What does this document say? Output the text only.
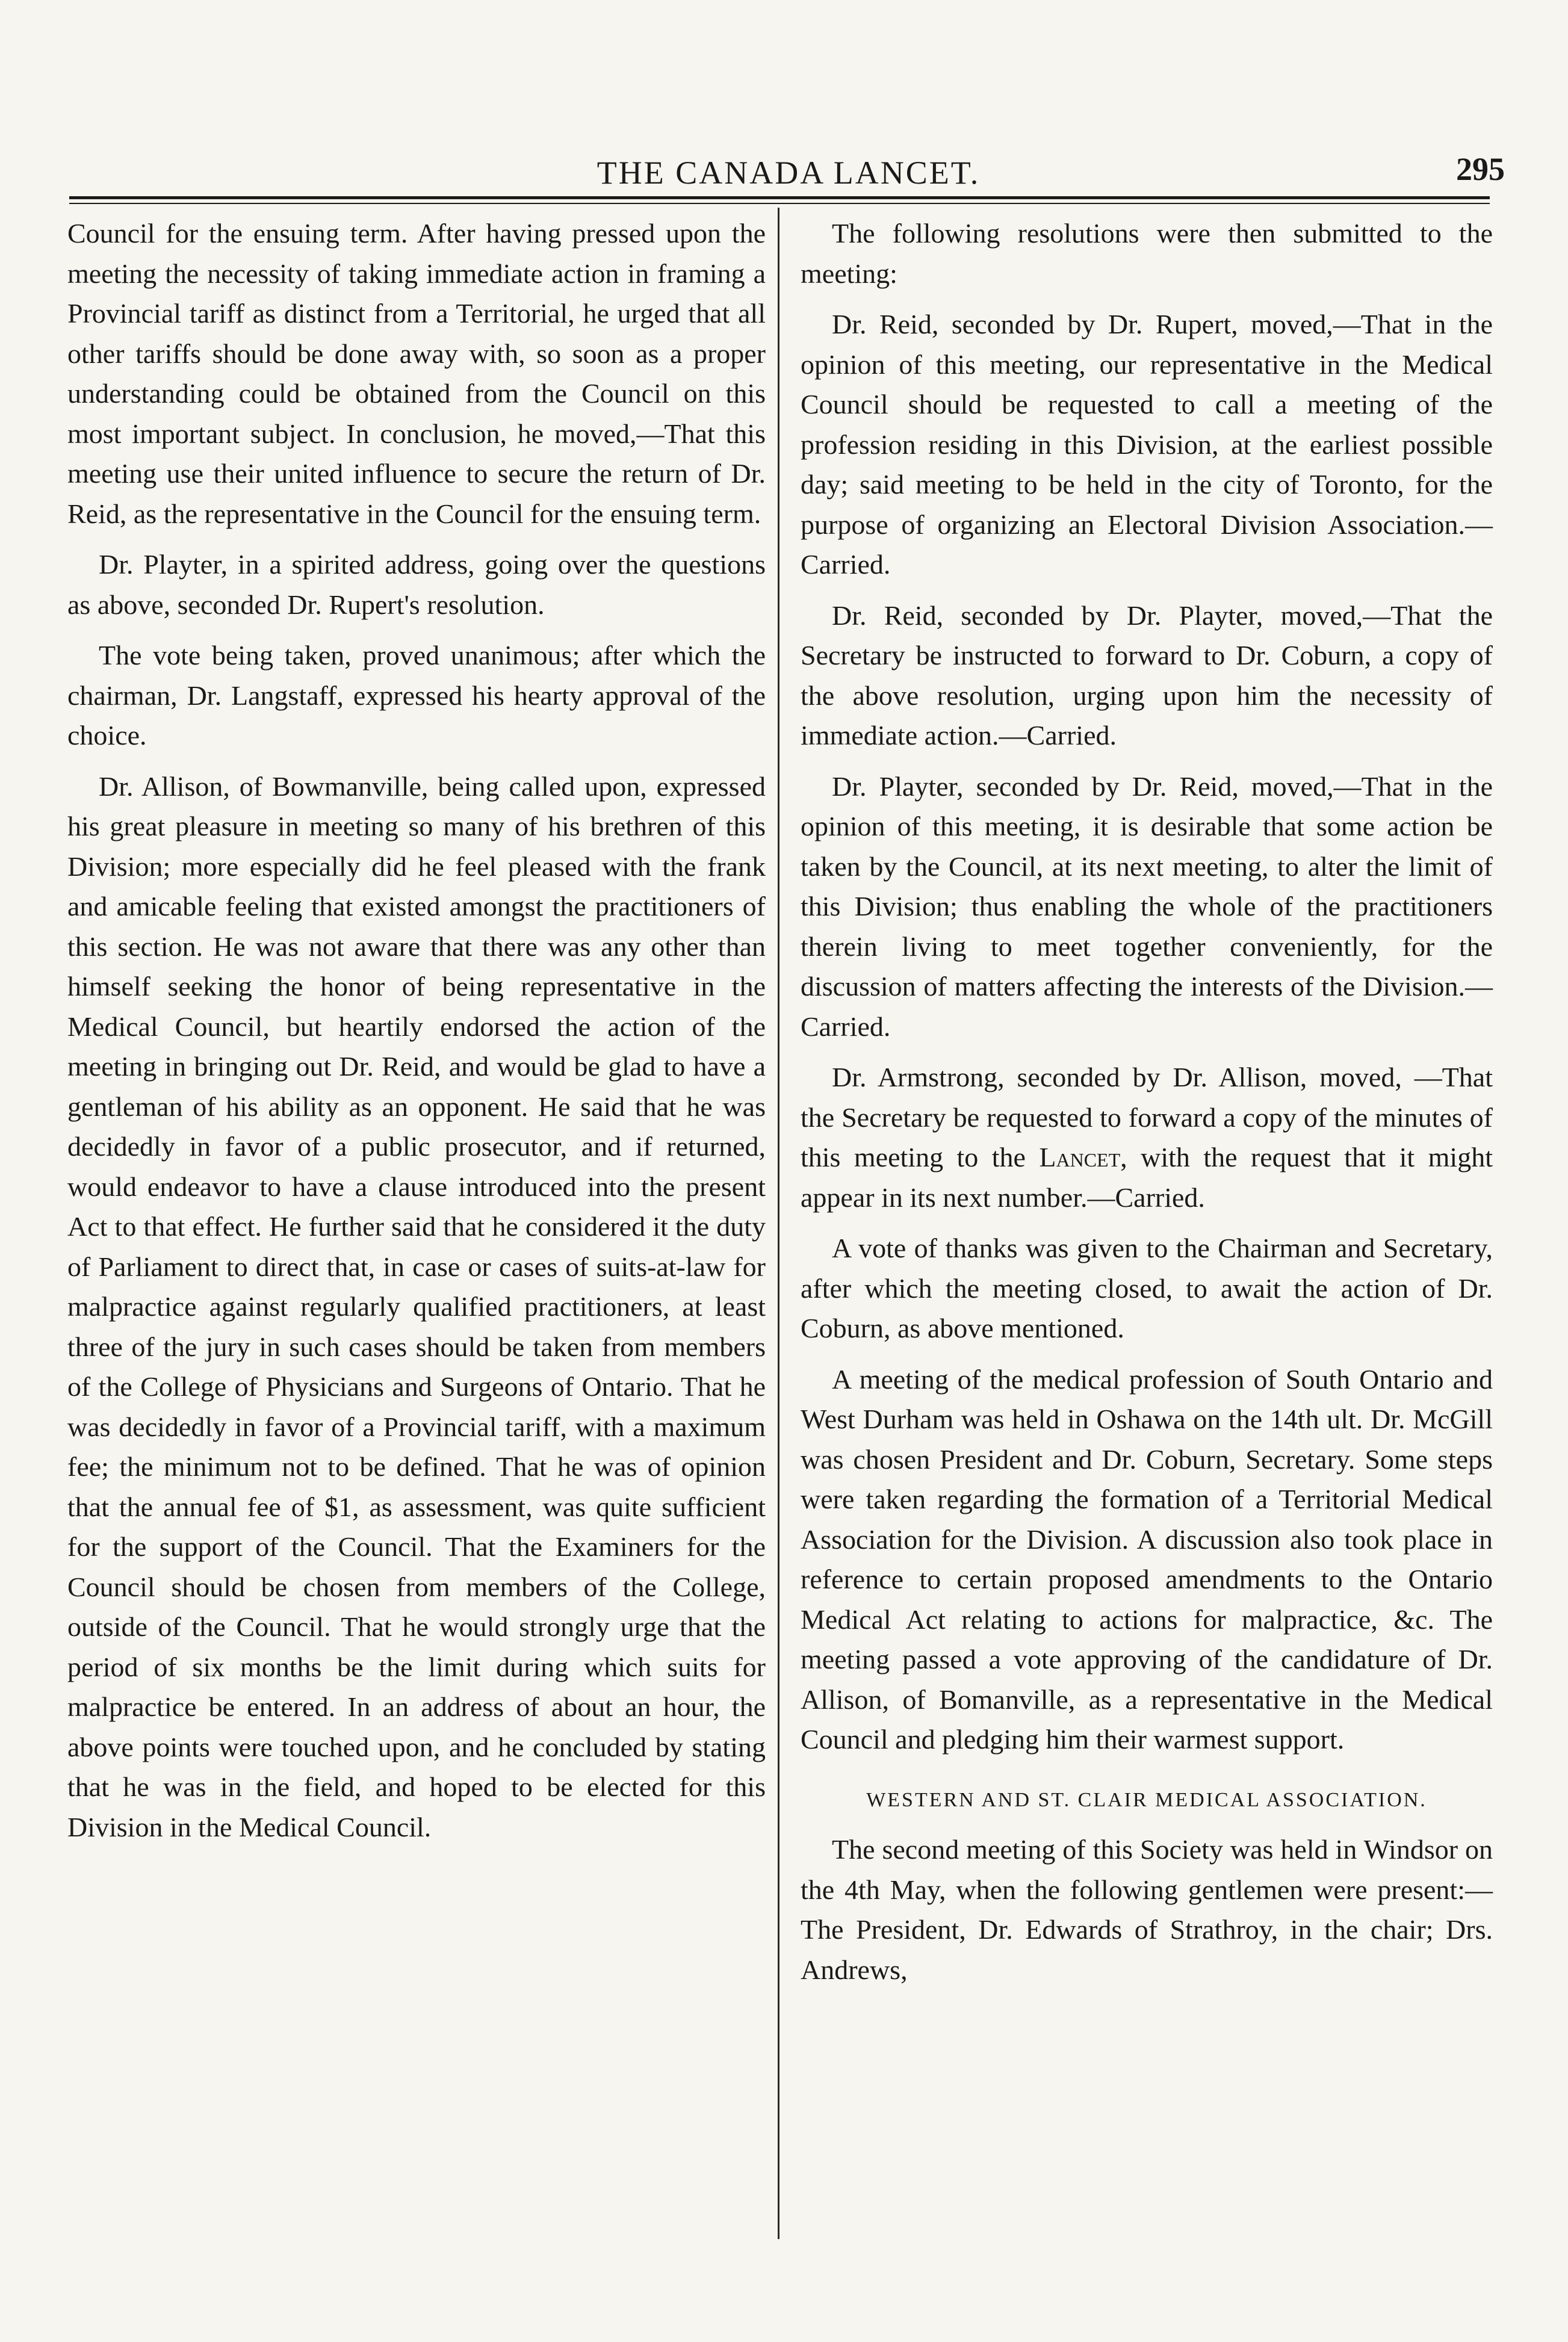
THE CANADA LANCET.	295

Council for the ensuing term. After having pressed upon the meeting the necessity of taking immediate action in framing a Provincial tariff as distinct from a Territorial, he urged that all other tariffs should be done away with, so soon as a proper understanding could be obtained from the Council on this most important subject. In conclusion, he moved,—That this meeting use their united influence to secure the return of Dr. Reid, as the representative in the Council for the ensuing term.

Dr. Playter, in a spirited address, going over the questions as above, seconded Dr. Rupert's resolution.

The vote being taken, proved unanimous; after which the chairman, Dr. Langstaff, expressed his hearty approval of the choice.

Dr. Allison, of Bowmanville, being called upon, expressed his great pleasure in meeting so many of his brethren of this Division; more especially did he feel pleased with the frank and amicable feeling that existed amongst the practitioners of this section. He was not aware that there was any other than himself seeking the honor of being representative in the Medical Council, but heartily endorsed the action of the meeting in bringing out Dr. Reid, and would be glad to have a gentleman of his ability as an opponent. He said that he was decidedly in favor of a public prosecutor, and if returned, would endeavor to have a clause introduced into the present Act to that effect. He further said that he considered it the duty of Parliament to direct that, in case or cases of suits-at-law for malpractice against regularly qualified practitioners, at least three of the jury in such cases should be taken from members of the College of Physicians and Surgeons of Ontario. That he was decidedly in favor of a Provincial tariff, with a maximum fee; the minimum not to be defined. That he was of opinion that the annual fee of $1, as assessment, was quite sufficient for the support of the Council. That the Examiners for the Council should be chosen from members of the College, outside of the Council. That he would strongly urge that the period of six months be the limit during which suits for malpractice be entered. In an address of about an hour, the above points were touched upon, and he concluded by stating that he was in the field, and hoped to be elected for this Division in the Medical Council.

The following resolutions were then submitted to the meeting:

Dr. Reid, seconded by Dr. Rupert, moved,—That in the opinion of this meeting, our representative in the Medical Council should be requested to call a meeting of the profession residing in this Division, at the earliest possible day; said meeting to be held in the city of Toronto, for the purpose of organizing an Electoral Division Association.—Carried.

Dr. Reid, seconded by Dr. Playter, moved,—That the Secretary be instructed to forward to Dr. Coburn, a copy of the above resolution, urging upon him the necessity of immediate action.—Carried.

Dr. Playter, seconded by Dr. Reid, moved,—That in the opinion of this meeting, it is desirable that some action be taken by the Council, at its next meeting, to alter the limit of this Division; thus enabling the whole of the practitioners therein living to meet together conveniently, for the discussion of matters affecting the interests of the Division.—Carried.

Dr. Armstrong, seconded by Dr. Allison, moved, —That the Secretary be requested to forward a copy of the minutes of this meeting to the Lancet, with the request that it might appear in its next number.—Carried.

A vote of thanks was given to the Chairman and Secretary, after which the meeting closed, to await the action of Dr. Coburn, as above mentioned.

A meeting of the medical profession of South Ontario and West Durham was held in Oshawa on the 14th ult. Dr. McGill was chosen President and Dr. Coburn, Secretary. Some steps were taken regarding the formation of a Territorial Medical Association for the Division. A discussion also took place in reference to certain proposed amendments to the Ontario Medical Act relating to actions for malpractice, &c. The meeting passed a vote approving of the candidature of Dr. Allison, of Bomanville, as a representative in the Medical Council and pledging him their warmest support.

WESTERN AND ST. CLAIR MEDICAL ASSOCIATION.

The second meeting of this Society was held in Windsor on the 4th May, when the following gentlemen were present:—The President, Dr. Edwards of Strathroy, in the chair; Drs. Andrews,
